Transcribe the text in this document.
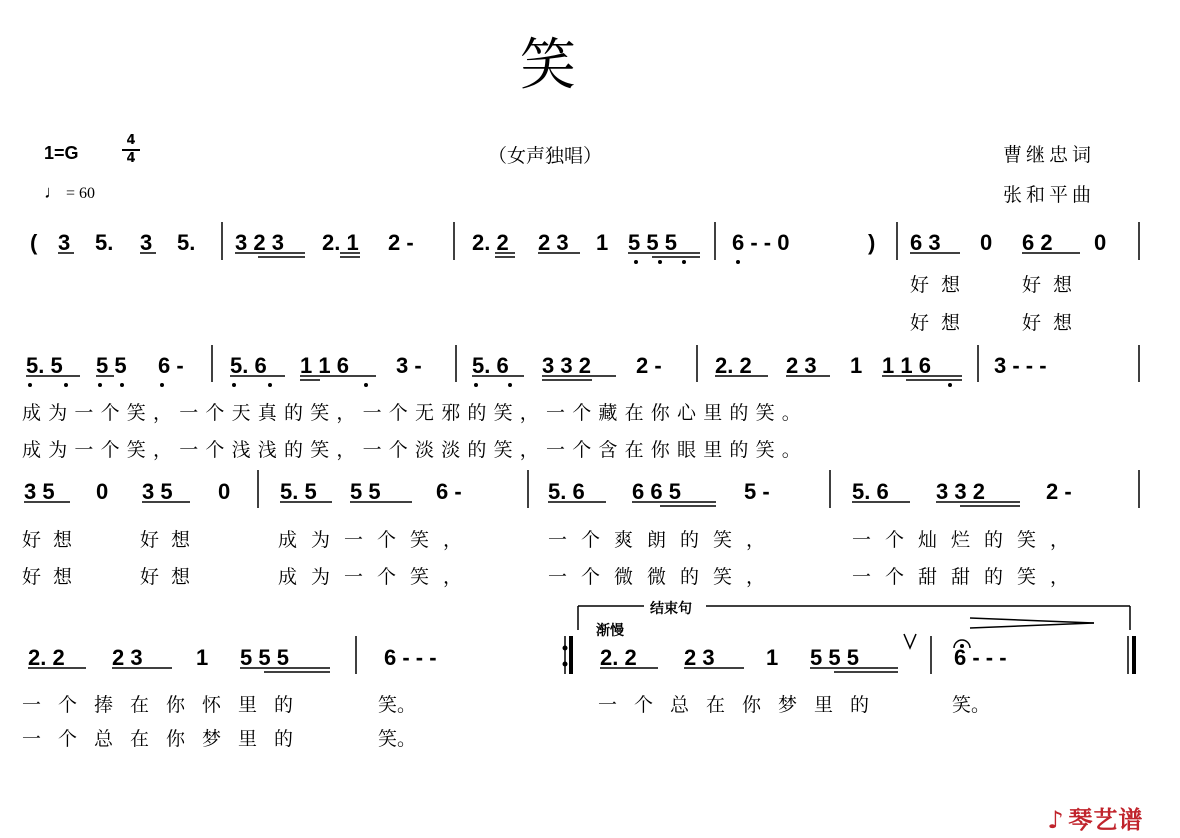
笑
1=G
4
4
♩ = 60
（女声独唱）	曹继忠词
张和平曲
(	)
3 5. 3 5. 3 2 3 2. 1 2 -	2. 2 2 3 1 5 5 5	6 - - 0	6 3 0 6 2 0
5. 5 5 5 6 - 5. 6 1 1 6 3 - 5. 6 3 3 2 2 - 2. 2 2 3 1 1 1 6	3 - - -
3 5 0 3 5 0 5. 5 5 5	6 -	5. 6 6 6 5	5 -	5. 6 3 3 2	2 -
2. 2 2 3 1 5 5 5	6 - - -	2. 2 2 3 1 5 5 5	6 - - -
结束句
渐慢
好想	好想
好想	好想
成为一个笑，一个天真的笑，一个无邪的笑，一个藏在你心里的笑。
成为一个笑，一个浅浅的笑，一个淡淡的笑，一个含在你眼里的笑。
好想	好想	成为一个笑，	一个爽朗的笑，	一个灿烂的笑，
好想	好想	成为一个笑，	一个微微的笑，	一个甜甜的笑，
一个捧在你怀里的	笑。	一个总在你梦里的	笑。
一个总在你梦里的	笑。
♪ 琴艺谱
